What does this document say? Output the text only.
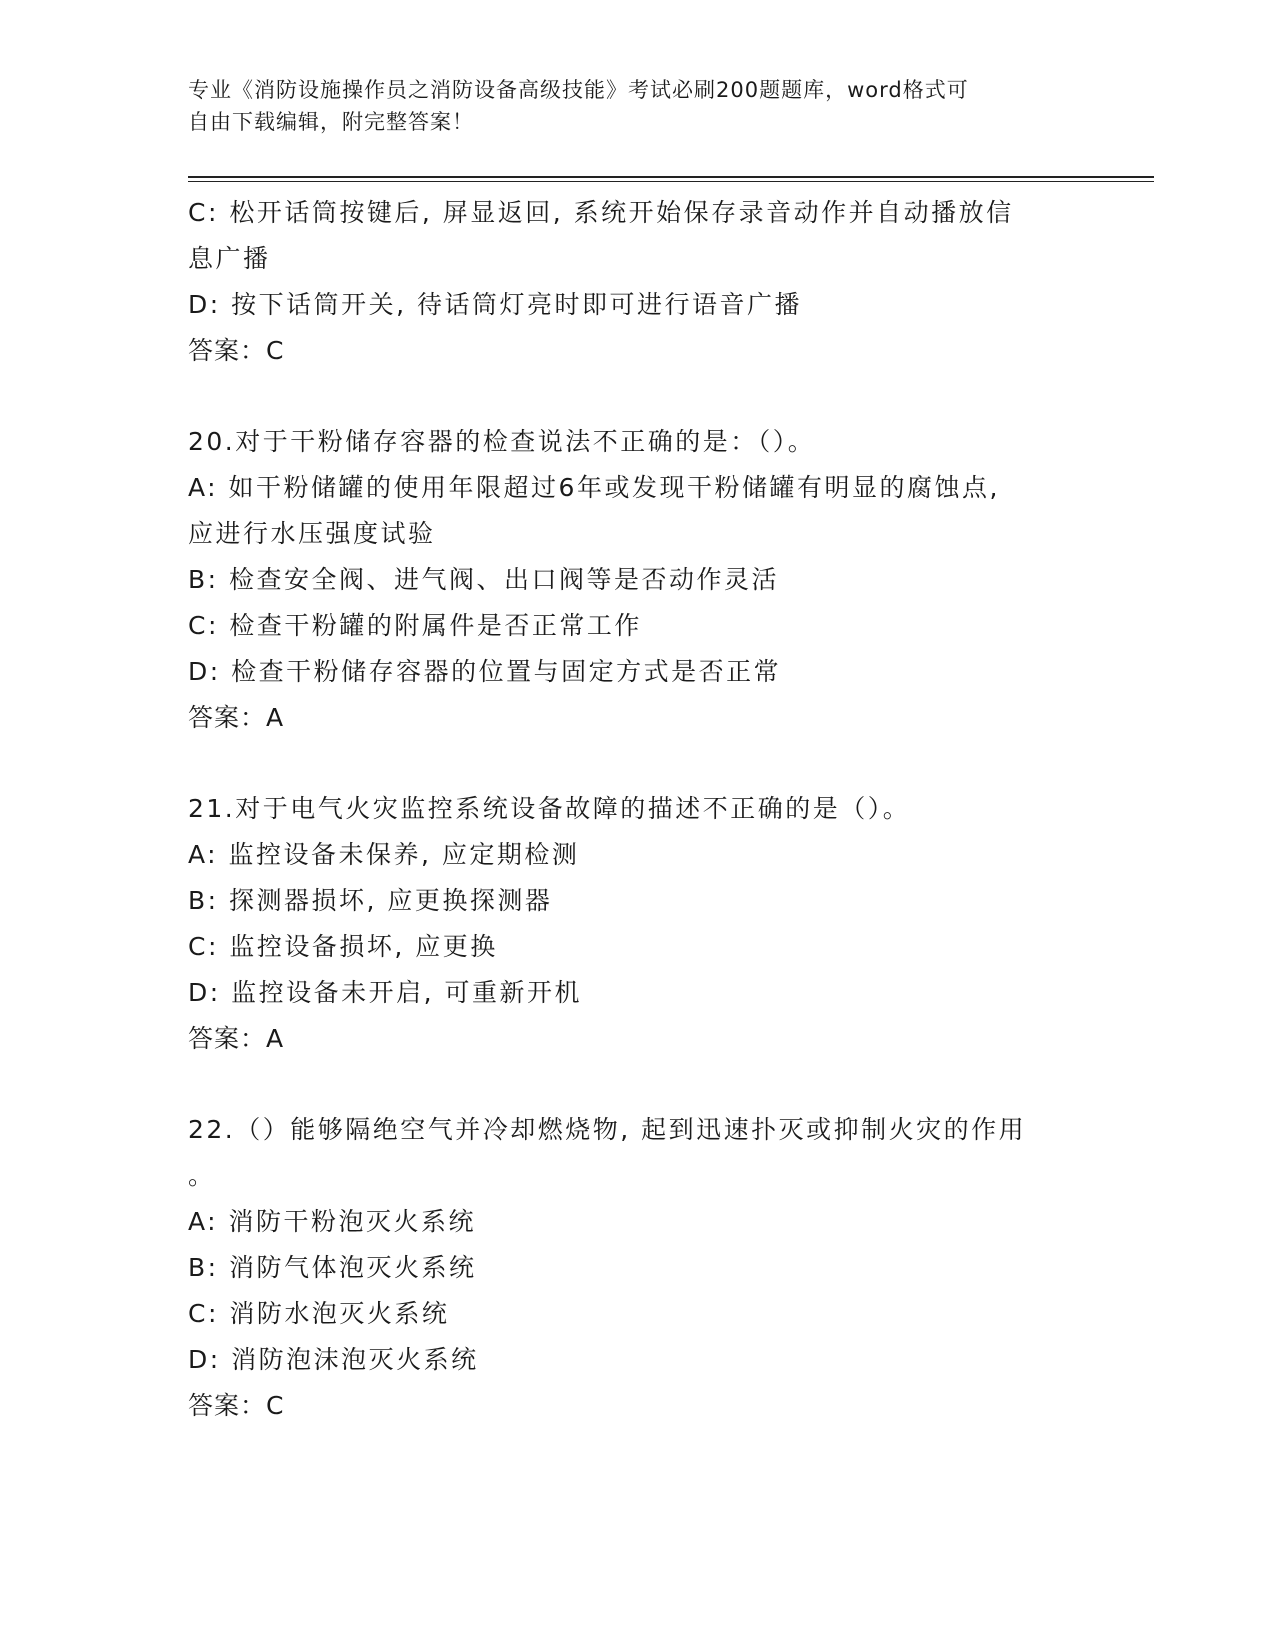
专业《消防设施操作员之消防设备高级技能》考试必刷200题题库，word格式可
自由下载编辑，附完整答案！
C: 松开话筒按键后, 屏显返回, 系统开始保存录音动作并自动播放信
息广播
D: 按下话筒开关, 待话筒灯亮时即可进行语音广播
答案：C
20.对于干粉储存容器的检查说法不正确的是：（）。
A: 如干粉储罐的使用年限超过6年或发现干粉储罐有明显的腐蚀点,
应进行水压强度试验
B: 检查安全阀、进气阀、出口阀等是否动作灵活
C: 检查干粉罐的附属件是否正常工作
D: 检查干粉储存容器的位置与固定方式是否正常
答案：A
21.对于电气火灾监控系统设备故障的描述不正确的是（）。
A: 监控设备未保养, 应定期检测
B: 探测器损坏, 应更换探测器
C: 监控设备损坏, 应更换
D: 监控设备未开启, 可重新开机
答案：A
22.（）能够隔绝空气并冷却燃烧物, 起到迅速扑灭或抑制火灾的作用
。
A: 消防干粉泡灭火系统
B: 消防气体泡灭火系统
C: 消防水泡灭火系统
D: 消防泡沫泡灭火系统
答案：C
